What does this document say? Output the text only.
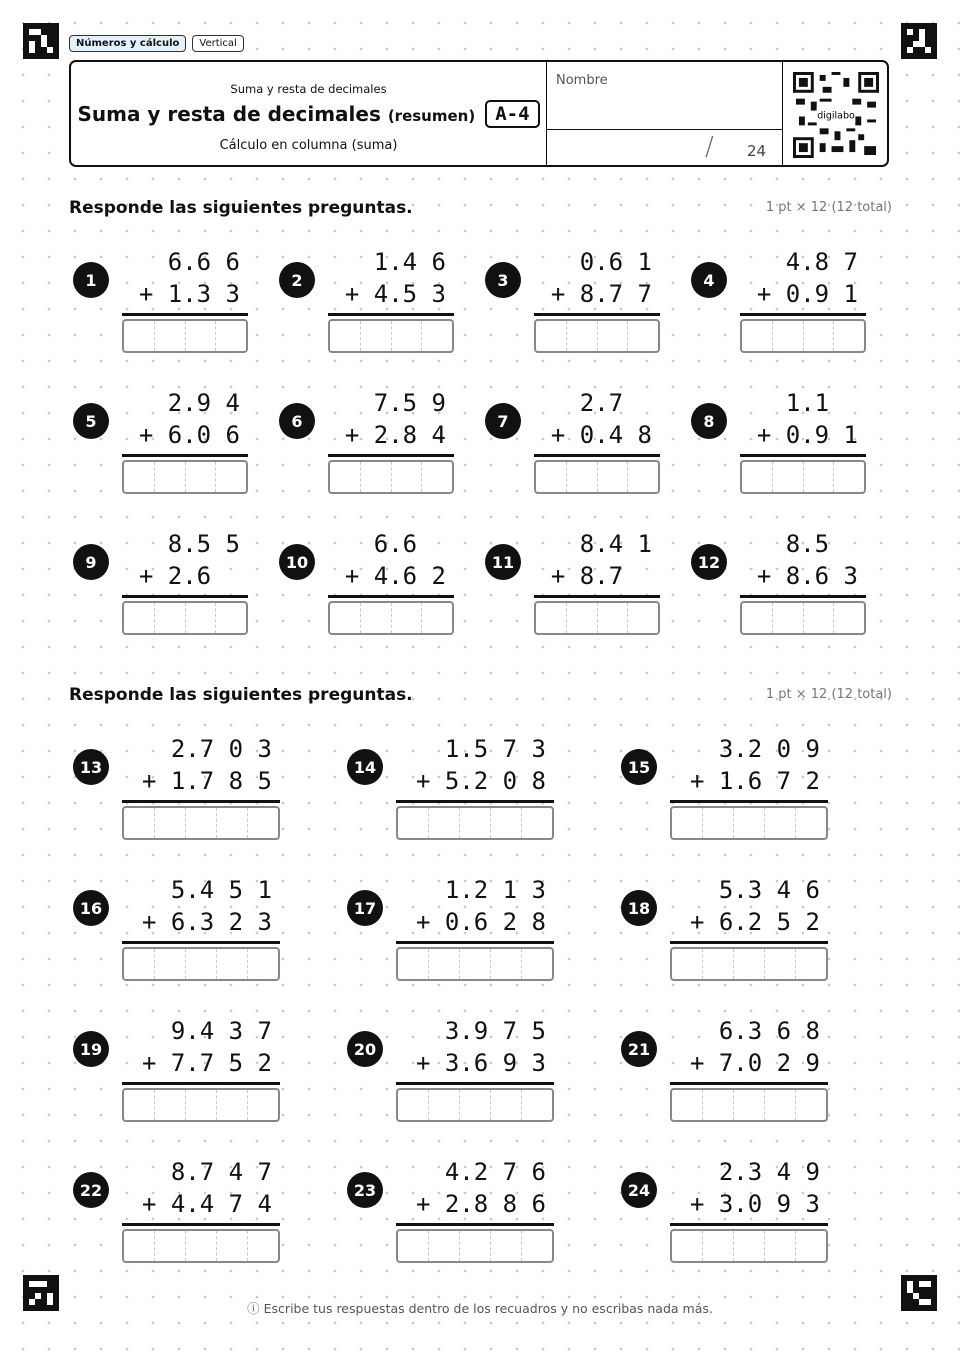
Números y cálculo	Vertical
Suma y resta de decimales
Suma y resta de decimales (resumen)	A-4
Cálculo en columna (suma)
Nombre
/ 24
digilabo
Responde las siguientes preguntas.	1 pt × 12 (12 total)
Responde las siguientes preguntas.	1 pt × 12 (12 total)
1
6.6 6
+ 1.3 3	2
1.4 6
+ 4.5 3	3
0.6 1
+ 8.7 7	4
4.8 7
+ 0.9 1
5
2.9 4
+ 6.0 6	6
7.5 9
+ 2.8 4	7
2.7
+ 0.4 8	8
1.1
+ 0.9 1
9
8.5 5
+ 2.6	10
6.6
+ 4.6 2	11
8.4 1
+ 8.7	12
8.5
+ 8.6 3
13
2.7 0 3
+ 1.7 8 5	14
1.5 7 3
+ 5.2 0 8	15
3.2 0 9
+ 1.6 7 2
16
5.4 5 1
+ 6.3 2 3	17
1.2 1 3
+ 0.6 2 8	18
5.3 4 6
+ 6.2 5 2
19
9.4 3 7
+ 7.7 5 2	20
3.9 7 5
+ 3.6 9 3	21
6.3 6 8
+ 7.0 2 9
22
8.7 4 7
+ 4.4 7 4	23
4.2 7 6
+ 2.8 8 6	24
2.3 4 9
+ 3.0 9 3
ⓘ Escribe tus respuestas dentro de los recuadros y no escribas nada más.
